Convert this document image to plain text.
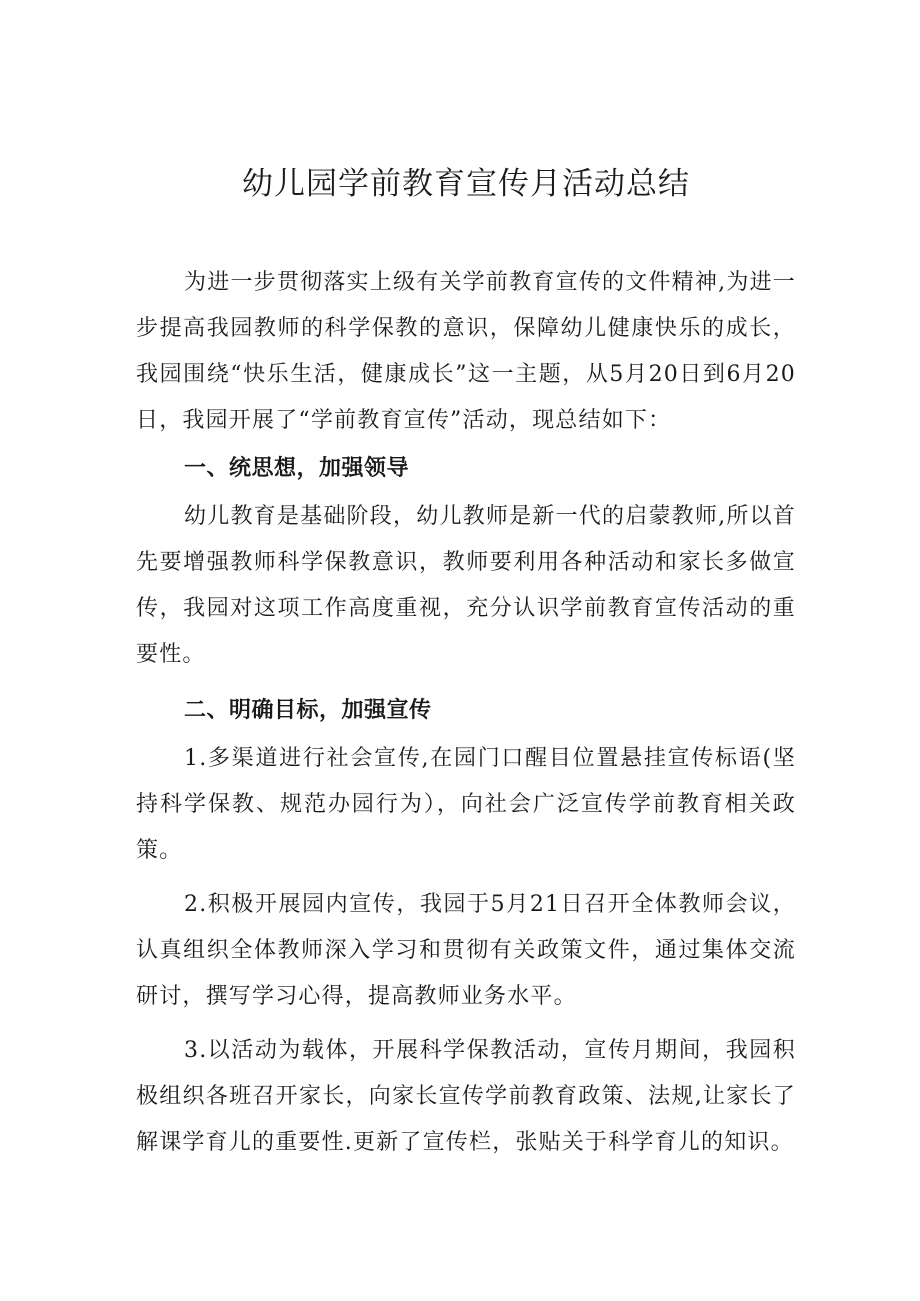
幼儿园学前教育宣传月活动总结

为进一步贯彻落实上级有关学前教育宣传的文件精神,为进一步提高我园教师的科学保教的意识，保障幼儿健康快乐的成长，我园围绕“快乐生活，健康成长”这一主题，从5月20日到6月20日，我园开展了“学前教育宣传”活动，现总结如下：

一、统思想，加强领导

幼儿教育是基础阶段，幼儿教师是新一代的启蒙教师,所以首先要增强教师科学保教意识，教师要利用各种活动和家长多做宣传，我园对这项工作高度重视，充分认识学前教育宣传活动的重要性。

二、明确目标，加强宣传

1.多渠道进行社会宣传,在园门口醒目位置悬挂宣传标语(坚持科学保教、规范办园行为），向社会广泛宣传学前教育相关政策。

2.积极开展园内宣传，我园于5月21日召开全体教师会议，认真组织全体教师深入学习和贯彻有关政策文件，通过集体交流研讨，撰写学习心得，提高教师业务水平。

3.以活动为载体，开展科学保教活动，宣传月期间，我园积极组织各班召开家长，向家长宣传学前教育政策、法规,让家长了解课学育儿的重要性.更新了宣传栏，张贴关于科学育儿的知识。
